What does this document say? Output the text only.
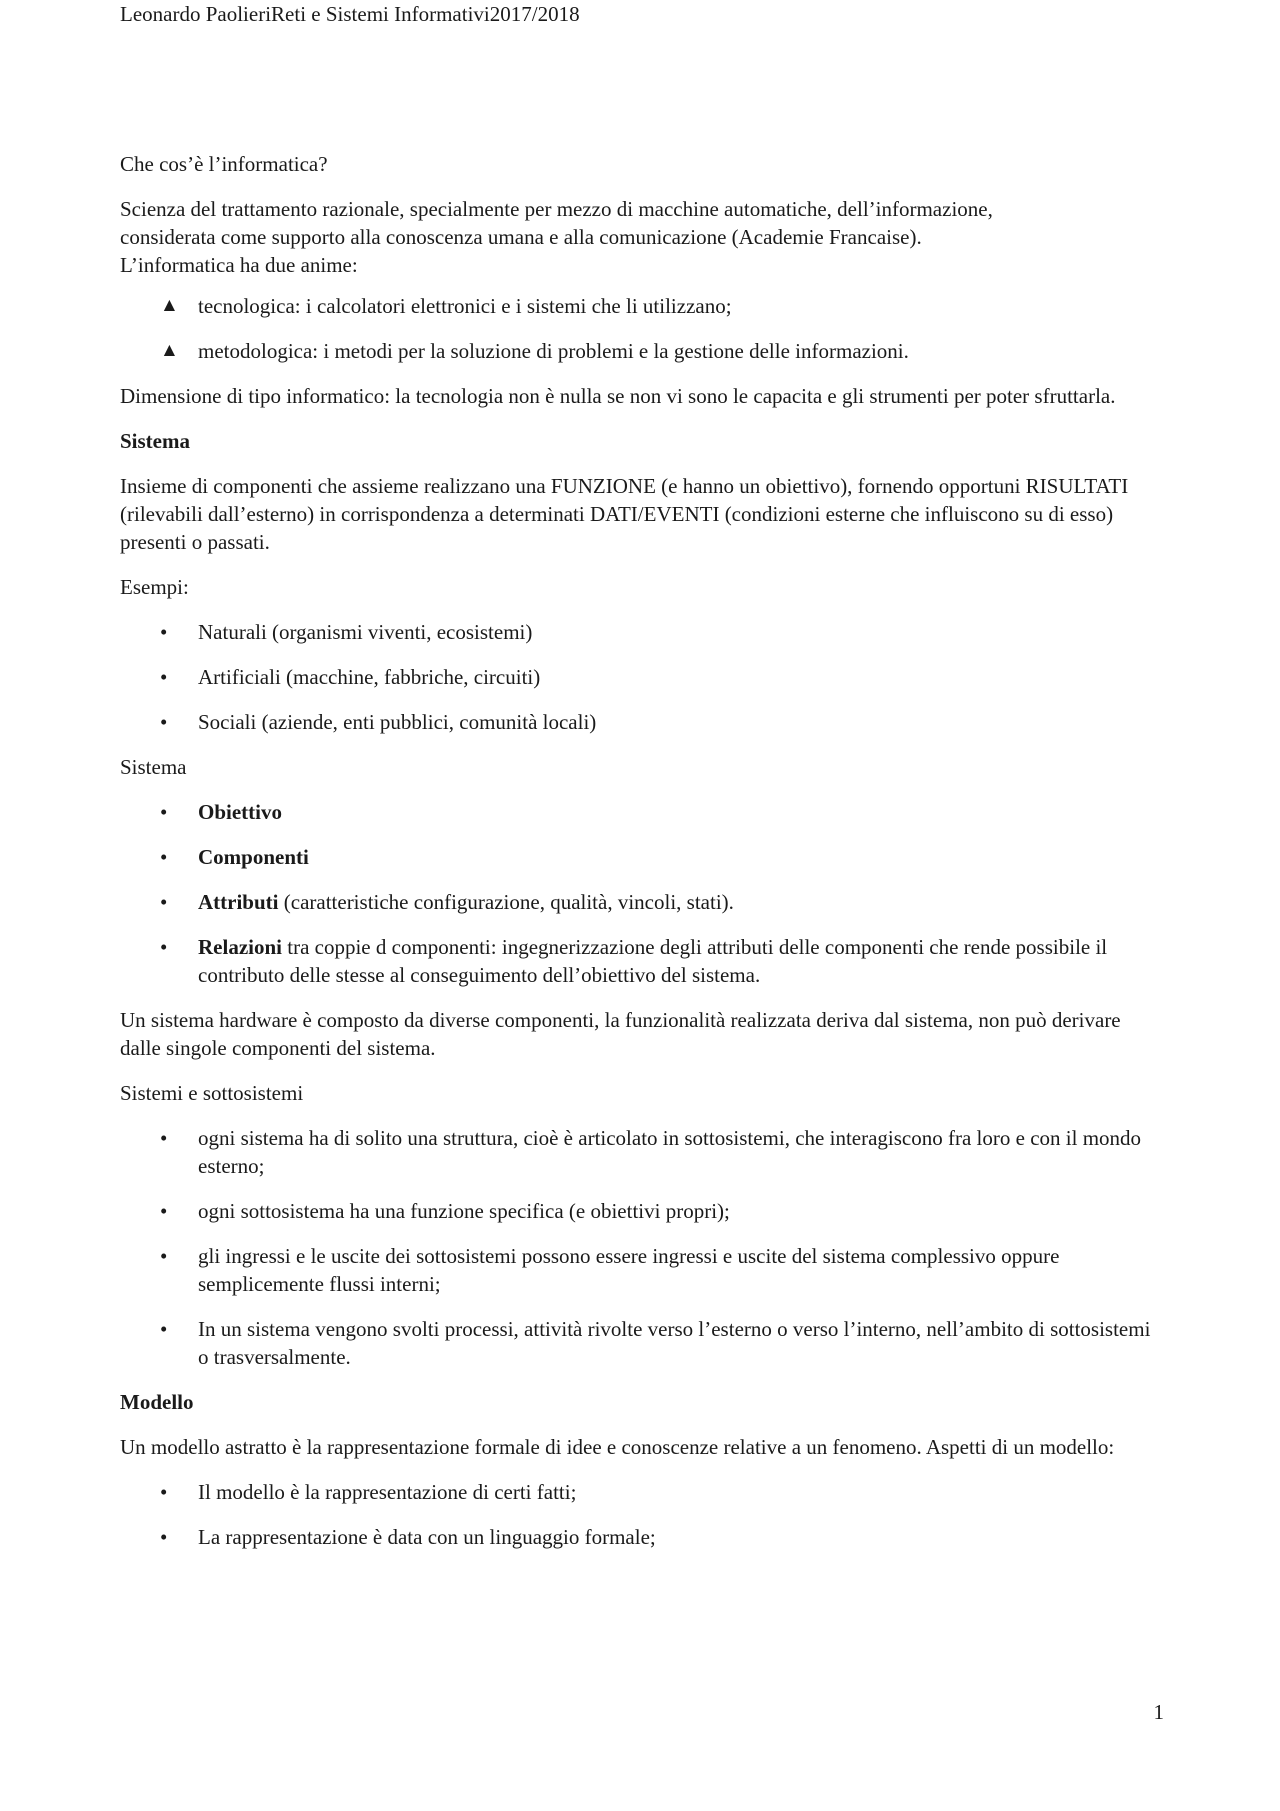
Leonardo PaolieriReti e Sistemi Informativi2017/2018

Che cos’è l’informatica?

Scienza del trattamento razionale, specialmente per mezzo di macchine automatiche, dell’informazione,
considerata come supporto alla conoscenza umana e alla comunicazione (Academie Francaise).
L’informatica ha due anime:

▲ tecnologica: i calcolatori elettronici e i sistemi che li utilizzano;
▲ metodologica: i metodi per la soluzione di problemi e la gestione delle informazioni.

Dimensione di tipo informatico: la tecnologia non è nulla se non vi sono le capacita e gli strumenti per poter sfruttarla.

Sistema

Insieme di componenti che assieme realizzano una FUNZIONE (e hanno un obiettivo), fornendo opportuni RISULTATI (rilevabili dall’esterno) in corrispondenza a determinati DATI/EVENTI (condizioni esterne che influiscono su di esso) presenti o passati.

Esempi:

• Naturali (organismi viventi, ecosistemi)
• Artificiali (macchine, fabbriche, circuiti)
• Sociali (aziende, enti pubblici, comunità locali)

Sistema

• Obiettivo
• Componenti
• Attributi (caratteristiche configurazione, qualità, vincoli, stati).
• Relazioni tra coppie d componenti: ingegnerizzazione degli attributi delle componenti che rende possibile il contributo delle stesse al conseguimento dell’obiettivo del sistema.

Un sistema hardware è composto da diverse componenti, la funzionalità realizzata deriva dal sistema, non può derivare dalle singole componenti del sistema.

Sistemi e sottosistemi

• ogni sistema ha di solito una struttura, cioè è articolato in sottosistemi, che interagiscono fra loro e con il mondo esterno;
• ogni sottosistema ha una funzione specifica (e obiettivi propri);
• gli ingressi e le uscite dei sottosistemi possono essere ingressi e uscite del sistema complessivo oppure semplicemente flussi interni;
• In un sistema vengono svolti processi, attività rivolte verso l’esterno o verso l’interno, nell’ambito di sottosistemi o trasversalmente.
Modello

Un modello astratto è la rappresentazione formale di idee e conoscenze relative a un fenomeno. Aspetti di un modello:

• Il modello è la rappresentazione di certi fatti;
• La rappresentazione è data con un linguaggio formale;
1
